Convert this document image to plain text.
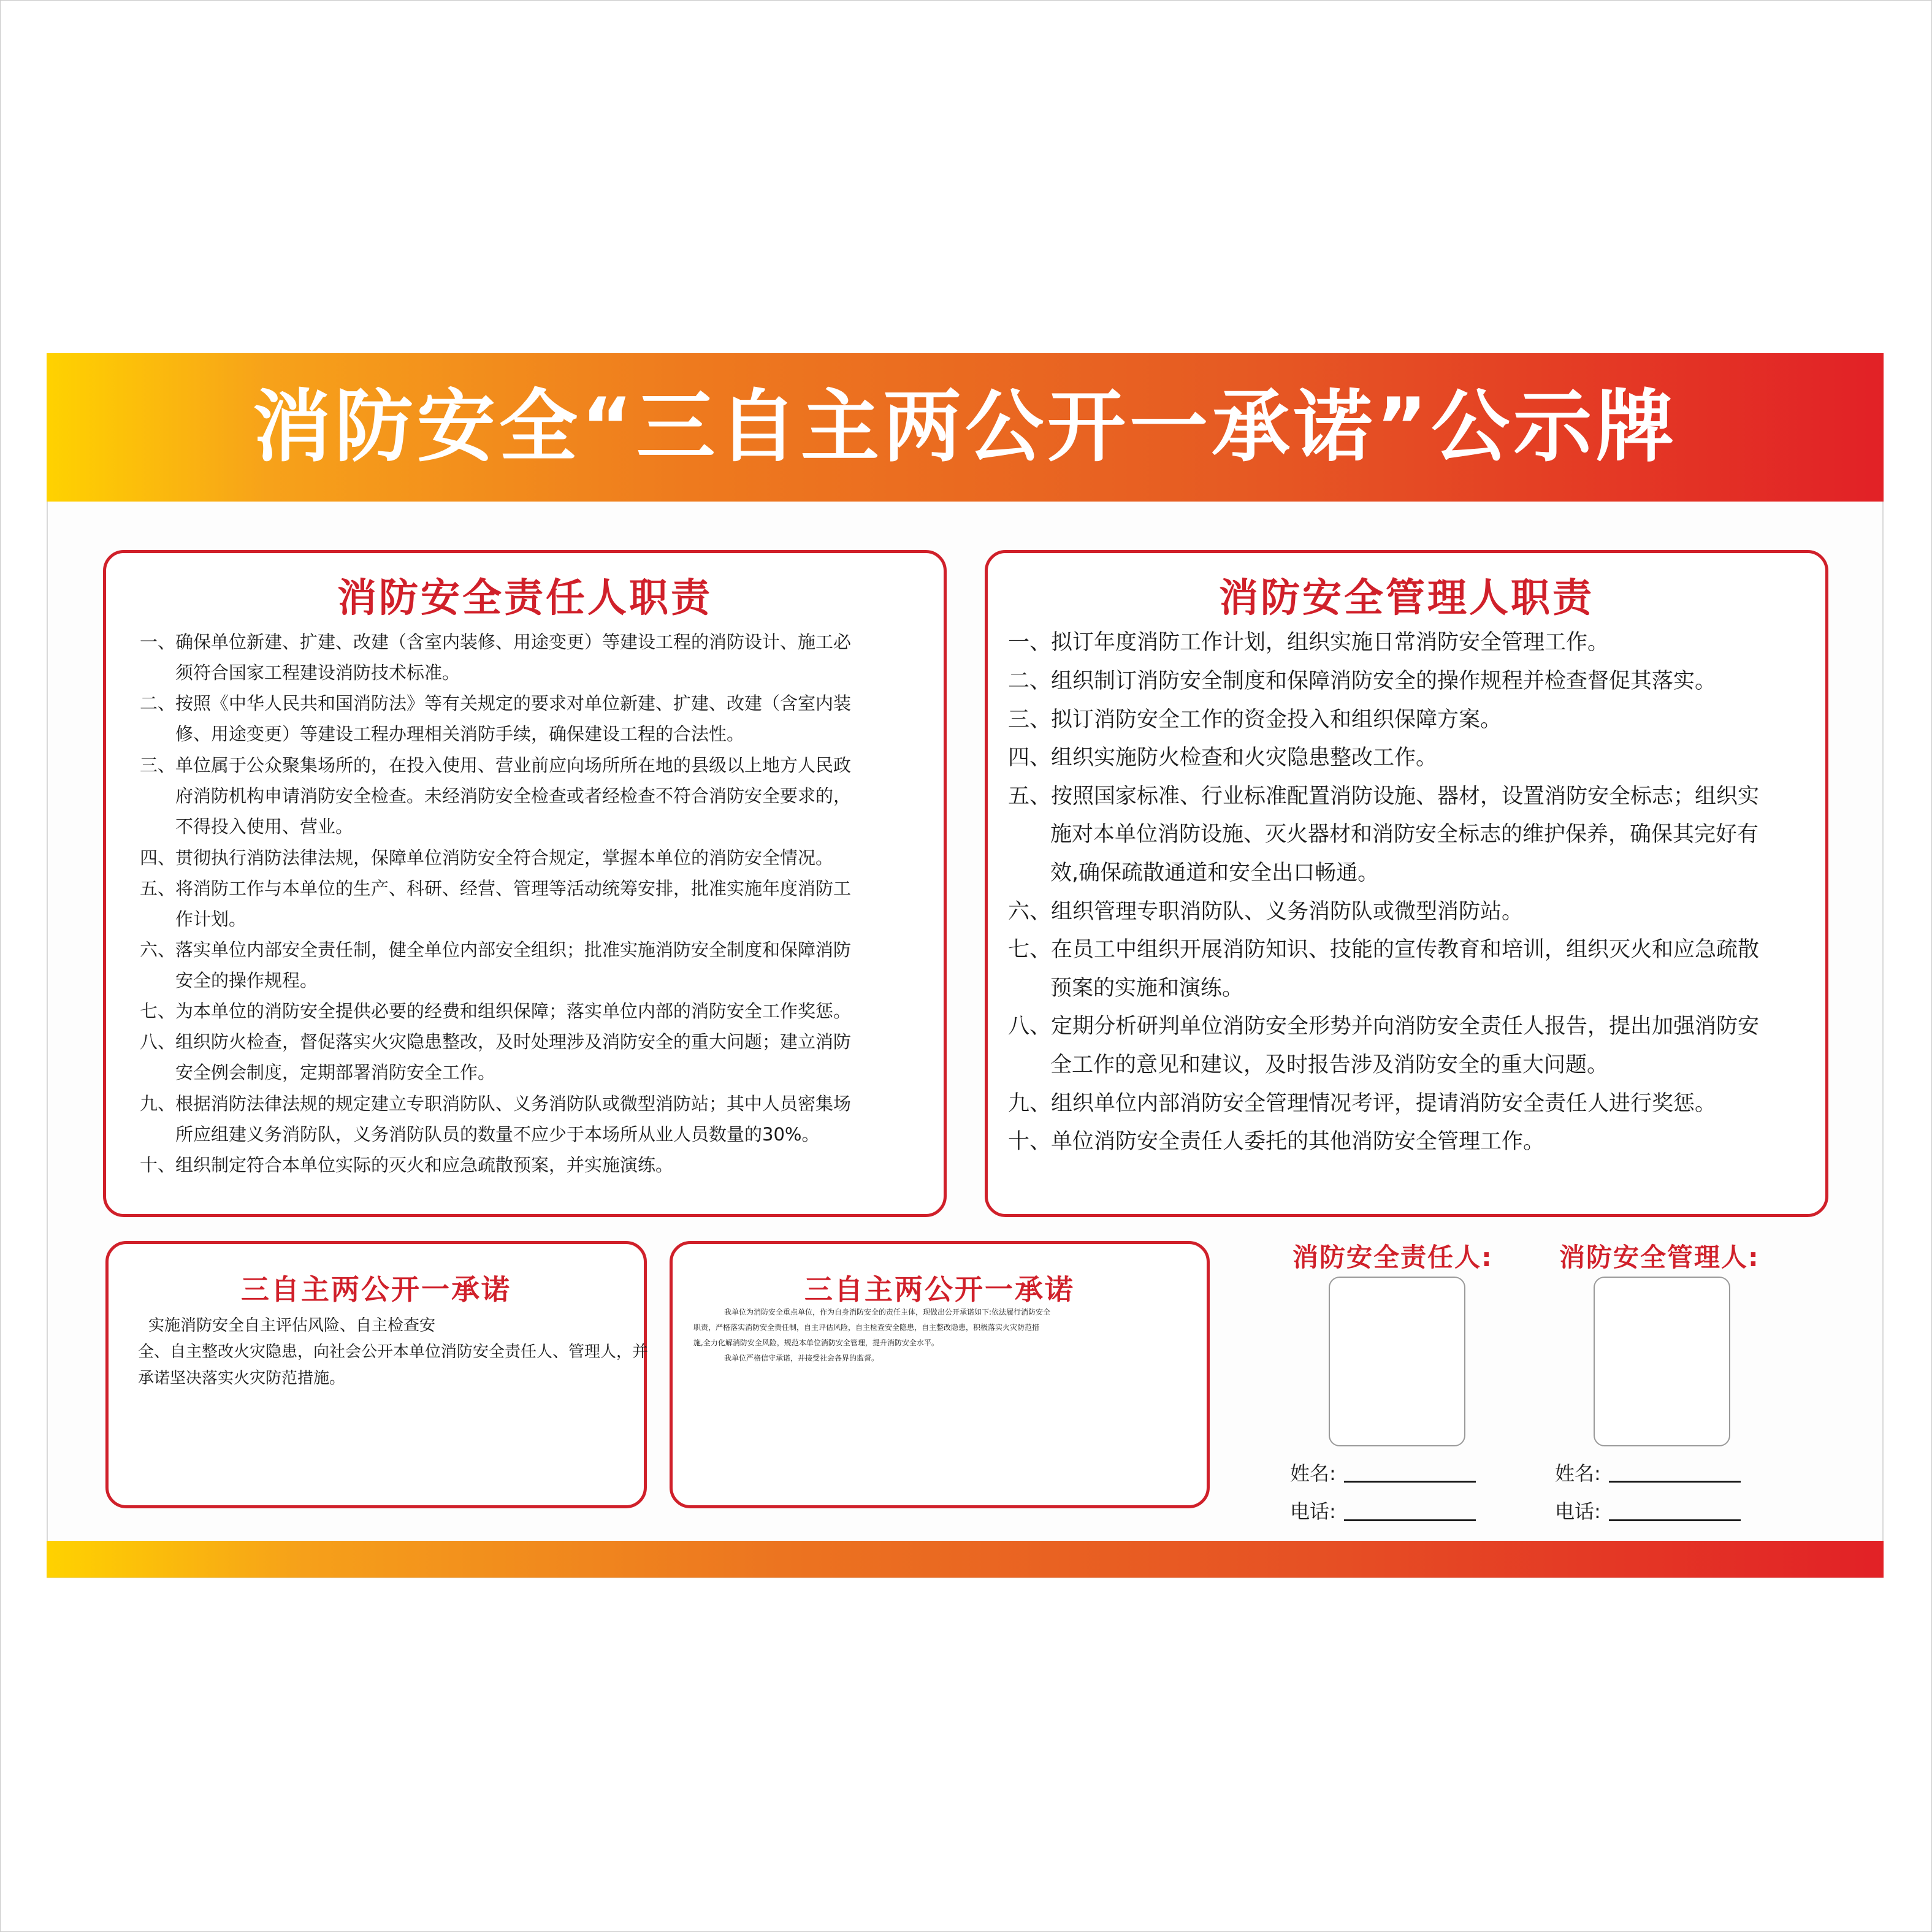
消防安全“三自主两公开一承诺”公示牌
消防安全责任人职责
一、确保单位新建、扩建、改建（含室内装修、用途变更）等建设工程的消防设计、施工必
须符合国家工程建设消防技术标准。
二、按照《中华人民共和国消防法》等有关规定的要求对单位新建、扩建、改建（含室内装
修、用途变更）等建设工程办理相关消防手续，确保建设工程的合法性。
三、单位属于公众聚集场所的，在投入使用、营业前应向场所所在地的县级以上地方人民政
府消防机构申请消防安全检查。未经消防安全检查或者经检查不符合消防安全要求的，
不得投入使用、营业。
四、贯彻执行消防法律法规，保障单位消防安全符合规定，掌握本单位的消防安全情况。
五、将消防工作与本单位的生产、科研、经营、管理等活动统筹安排，批准实施年度消防工
作计划。
六、落实单位内部安全责任制，健全单位内部安全组织；批准实施消防安全制度和保障消防
安全的操作规程。
七、为本单位的消防安全提供必要的经费和组织保障；落实单位内部的消防安全工作奖惩。
八、组织防火检查，督促落实火灾隐患整改，及时处理涉及消防安全的重大问题；建立消防
安全例会制度，定期部署消防安全工作。
九、根据消防法律法规的规定建立专职消防队、义务消防队或微型消防站；其中人员密集场
所应组建义务消防队，义务消防队员的数量不应少于本场所从业人员数量的30%。
十、组织制定符合本单位实际的灭火和应急疏散预案，并实施演练。
消防安全管理人职责
一、拟订年度消防工作计划，组织实施日常消防安全管理工作。
二、组织制订消防安全制度和保障消防安全的操作规程并检查督促其落实。
三、拟订消防安全工作的资金投入和组织保障方案。
四、组织实施防火检查和火灾隐患整改工作。
五、按照国家标准、行业标准配置消防设施、器材，设置消防安全标志；组织实
施对本单位消防设施、灭火器材和消防安全标志的维护保养，确保其完好有
效,确保疏散通道和安全出口畅通。
六、组织管理专职消防队、义务消防队或微型消防站。
七、在员工中组织开展消防知识、技能的宣传教育和培训，组织灭火和应急疏散
预案的实施和演练。
八、定期分析研判单位消防安全形势并向消防安全责任人报告，提出加强消防安
全工作的意见和建议，及时报告涉及消防安全的重大问题。
九、组织单位内部消防安全管理情况考评，提请消防安全责任人进行奖惩。
十、单位消防安全责任人委托的其他消防安全管理工作。
三自主两公开一承诺
实施消防安全自主评估风险、自主检查安
全、自主整改火灾隐患，向社会公开本单位消防安全责任人、管理人，并
承诺坚决落实火灾防范措施。
三自主两公开一承诺
我单位为消防安全重点单位，作为自身消防安全的责任主体，现做出公开承诺如下:依法履行消防安全
职责，严格落实消防安全责任制，自主评估风险，自主检查安全隐患，自主整改隐患，积极落实火灾防范措
施,全力化解消防安全风险，规范本单位消防安全管理，提升消防安全水平。
我单位严格信守承诺，并接受社会各界的监督。
消防安全责任人:
姓名:
电话:
消防安全管理人:
姓名:
电话:
